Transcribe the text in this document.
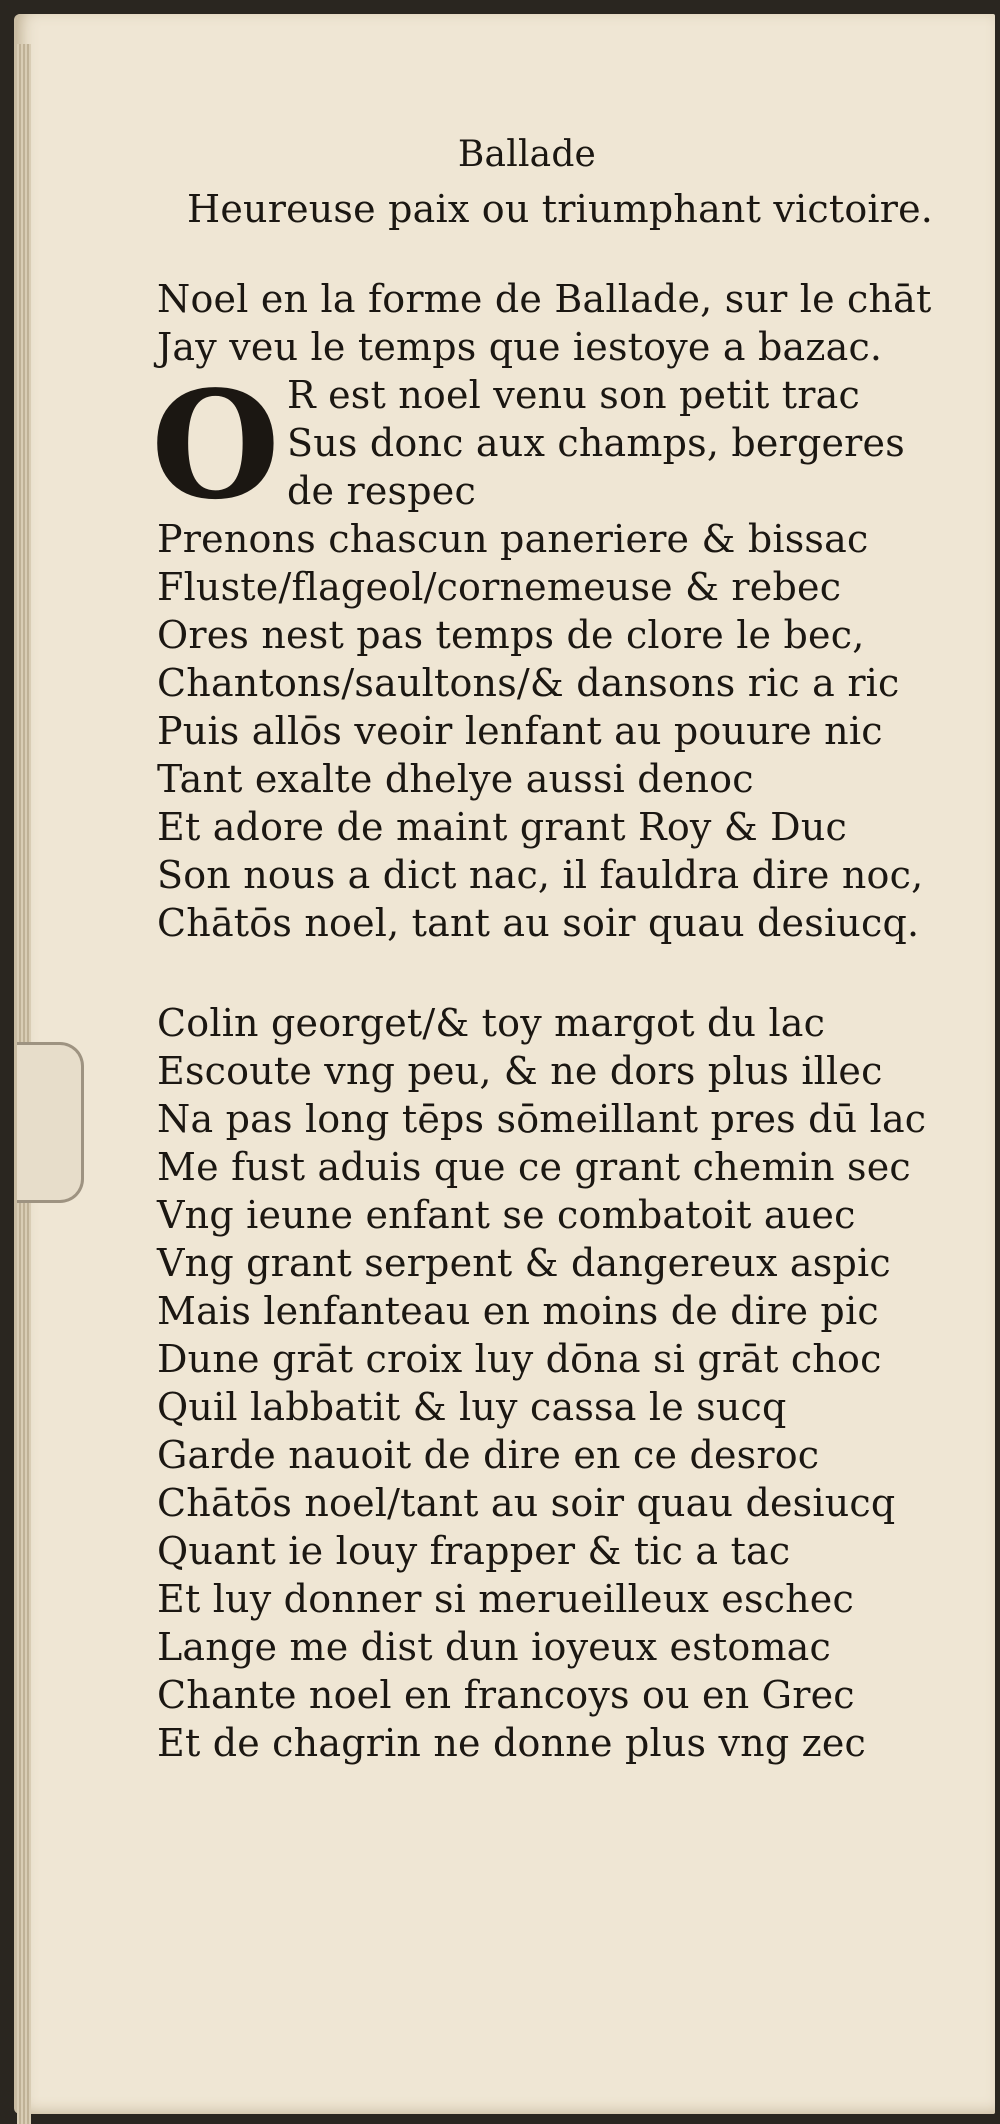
Ballade
Heureuse paix ou triumphant victoire.
Noel en la forme de Ballade, sur le chāt
Jay veu le temps que iestoye a bazac.
O R est noel venu son petit trac
Sus donc aux champs, bergeres
de respec
Prenons chascun paneriere & bissac
Fluste/flageol/cornemeuse & rebec
Ores nest pas temps de clore le bec,
Chantons/saultons/& dansons ric a ric
Puis allōs veoir lenfant au pouure nic
Tant exalte dhelye aussi denoc
Et adore de maint grant Roy & Duc
Son nous a dict nac, il fauldra dire noc,
Chātōs noel, tant au soir quau desiucq.
Colin georget/& toy margot du lac
Escoute vng peu, & ne dors plus illec
Na pas long tēps sōmeillant pres dū lac
Me fust aduis que ce grant chemin sec
Vng ieune enfant se combatoit auec
Vng grant serpent & dangereux aspic
Mais lenfanteau en moins de dire pic
Dune grāt croix luy dōna si grāt choc
Quil labbatit & luy cassa le sucq
Garde nauoit de dire en ce desroc
Chātōs noel/tant au soir quau desiucq
Quant ie louy frapper & tic a tac
Et luy donner si merueilleux eschec
Lange me dist dun ioyeux estomac
Chante noel en francoys ou en Grec
Et de chagrin ne donne plus vng zec
